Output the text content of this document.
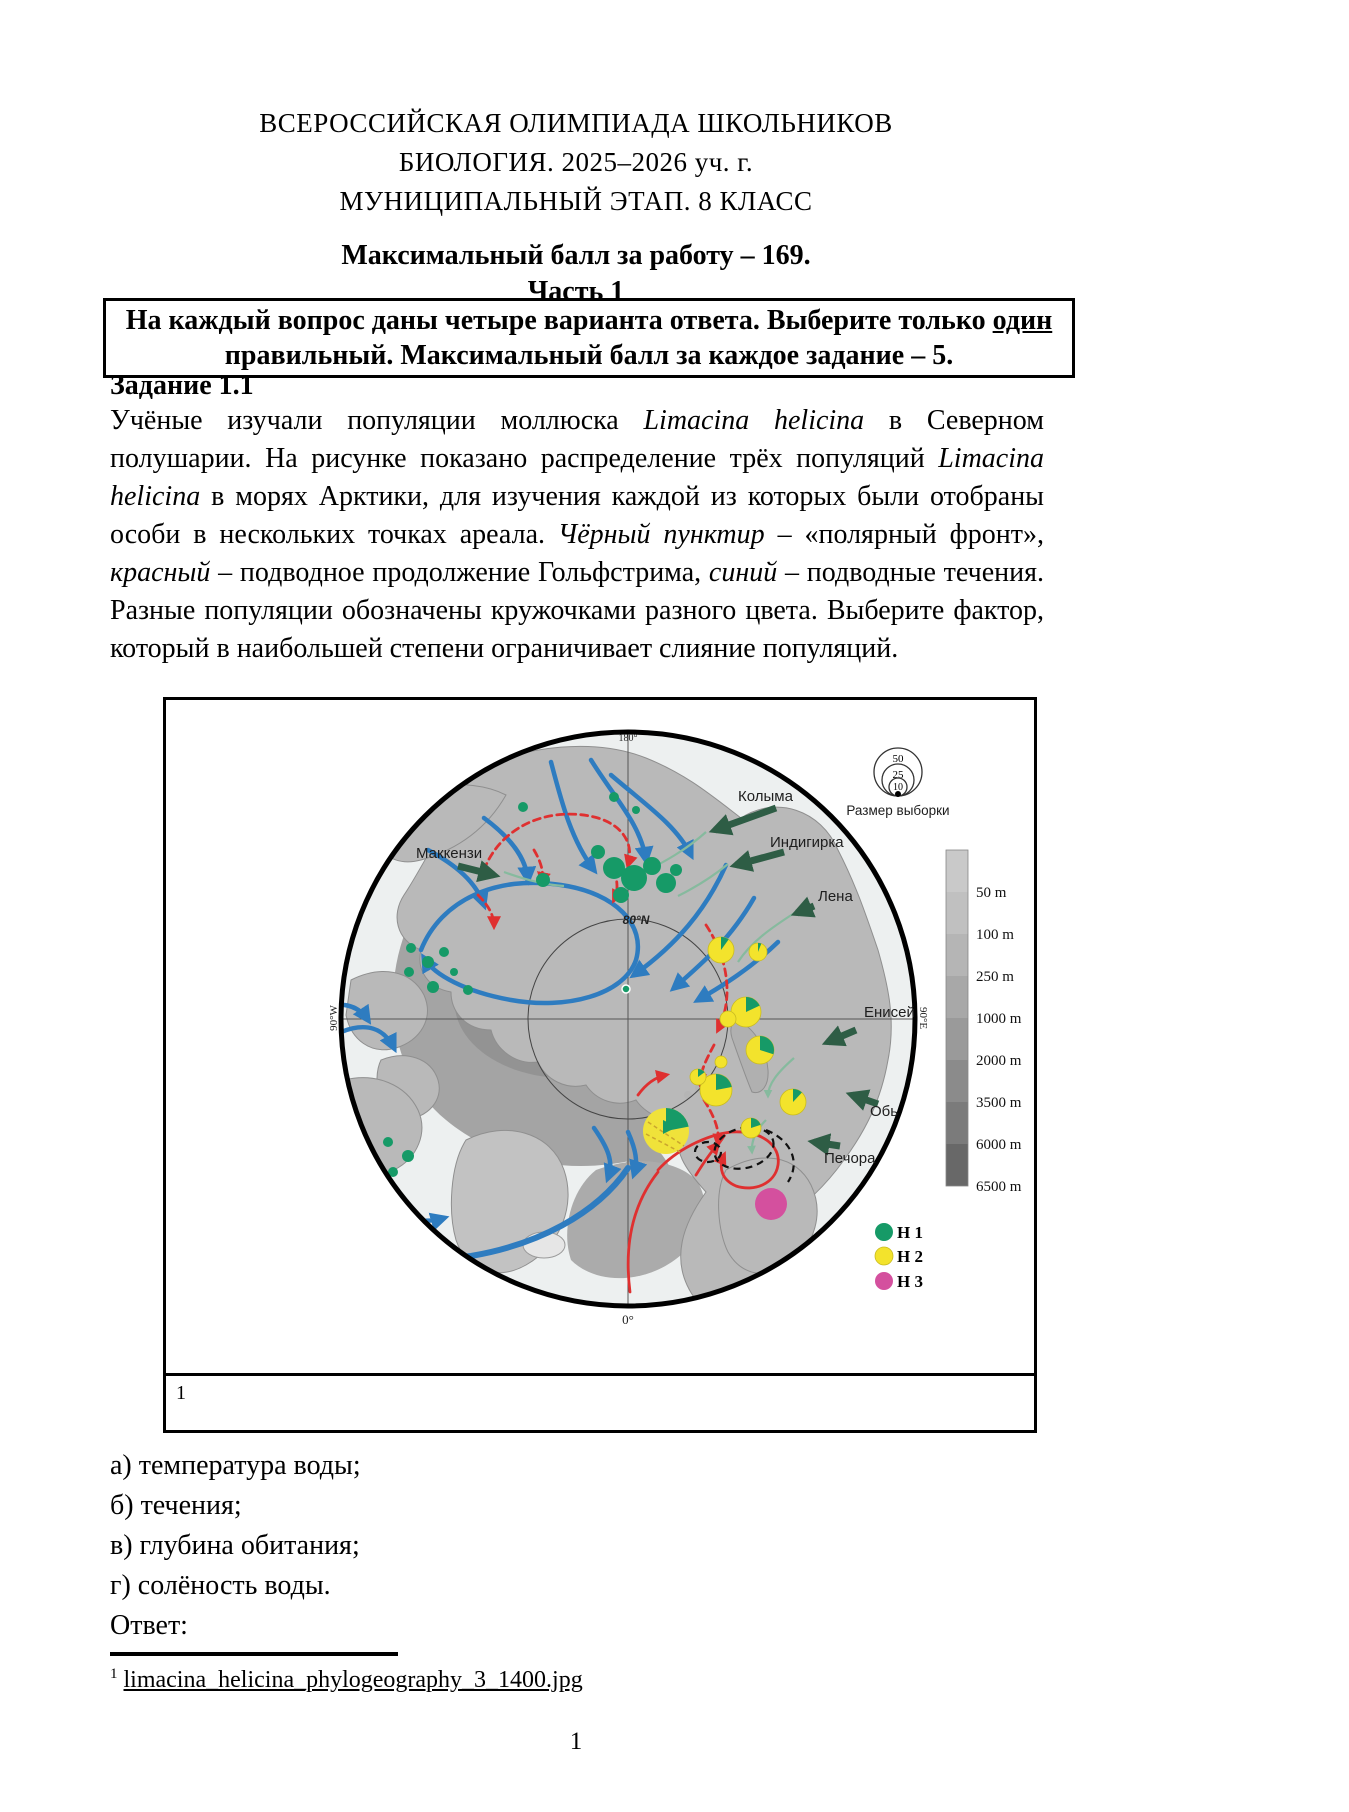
ВСЕРОССИЙСКАЯ ОЛИМПИАДА ШКОЛЬНИКОВ
БИОЛОГИЯ. 2025–2026 уч. г.
МУНИЦИПАЛЬНЫЙ ЭТАП. 8 КЛАСС
Максимальный балл за работу – 169.
Часть 1
На каждый вопрос даны четыре варианта ответа. Выберите только один правильный. Максимальный балл за каждое задание – 5.
Задание 1.1
Учёные изучали популяции моллюска Limacina helicina в Северном полушарии. На рисунке показано распределение трёх популяций Limacina helicina в морях Арктики, для изучения каждой из которых были отобраны особи в нескольких точках ареала. Чёрный пунктир – «полярный фронт», красный – подводное продолжение Гольфстрима, синий – подводные течения. Разные популяции обозначены кружочками разного цвета. Выберите фактор, который в наибольшей степени ограничивает слияние популяций.
Колыма
Индигирка
Лена
Енисей
Обь
Печора
Маккензи
0°
180°
80°N
90°E
90°W
50
25
10
Размер выборки
50 m
100 m
250 m
1000 m
2000 m
3500 m
6000 m
6500 m
H 1
H 2
H 3
1
а) температура воды;
б) течения;
в) глубина обитания;
г) солёность воды.
Ответ:
$^1$ limacina_helicina_phylogeography_3_1400.jpg
1
